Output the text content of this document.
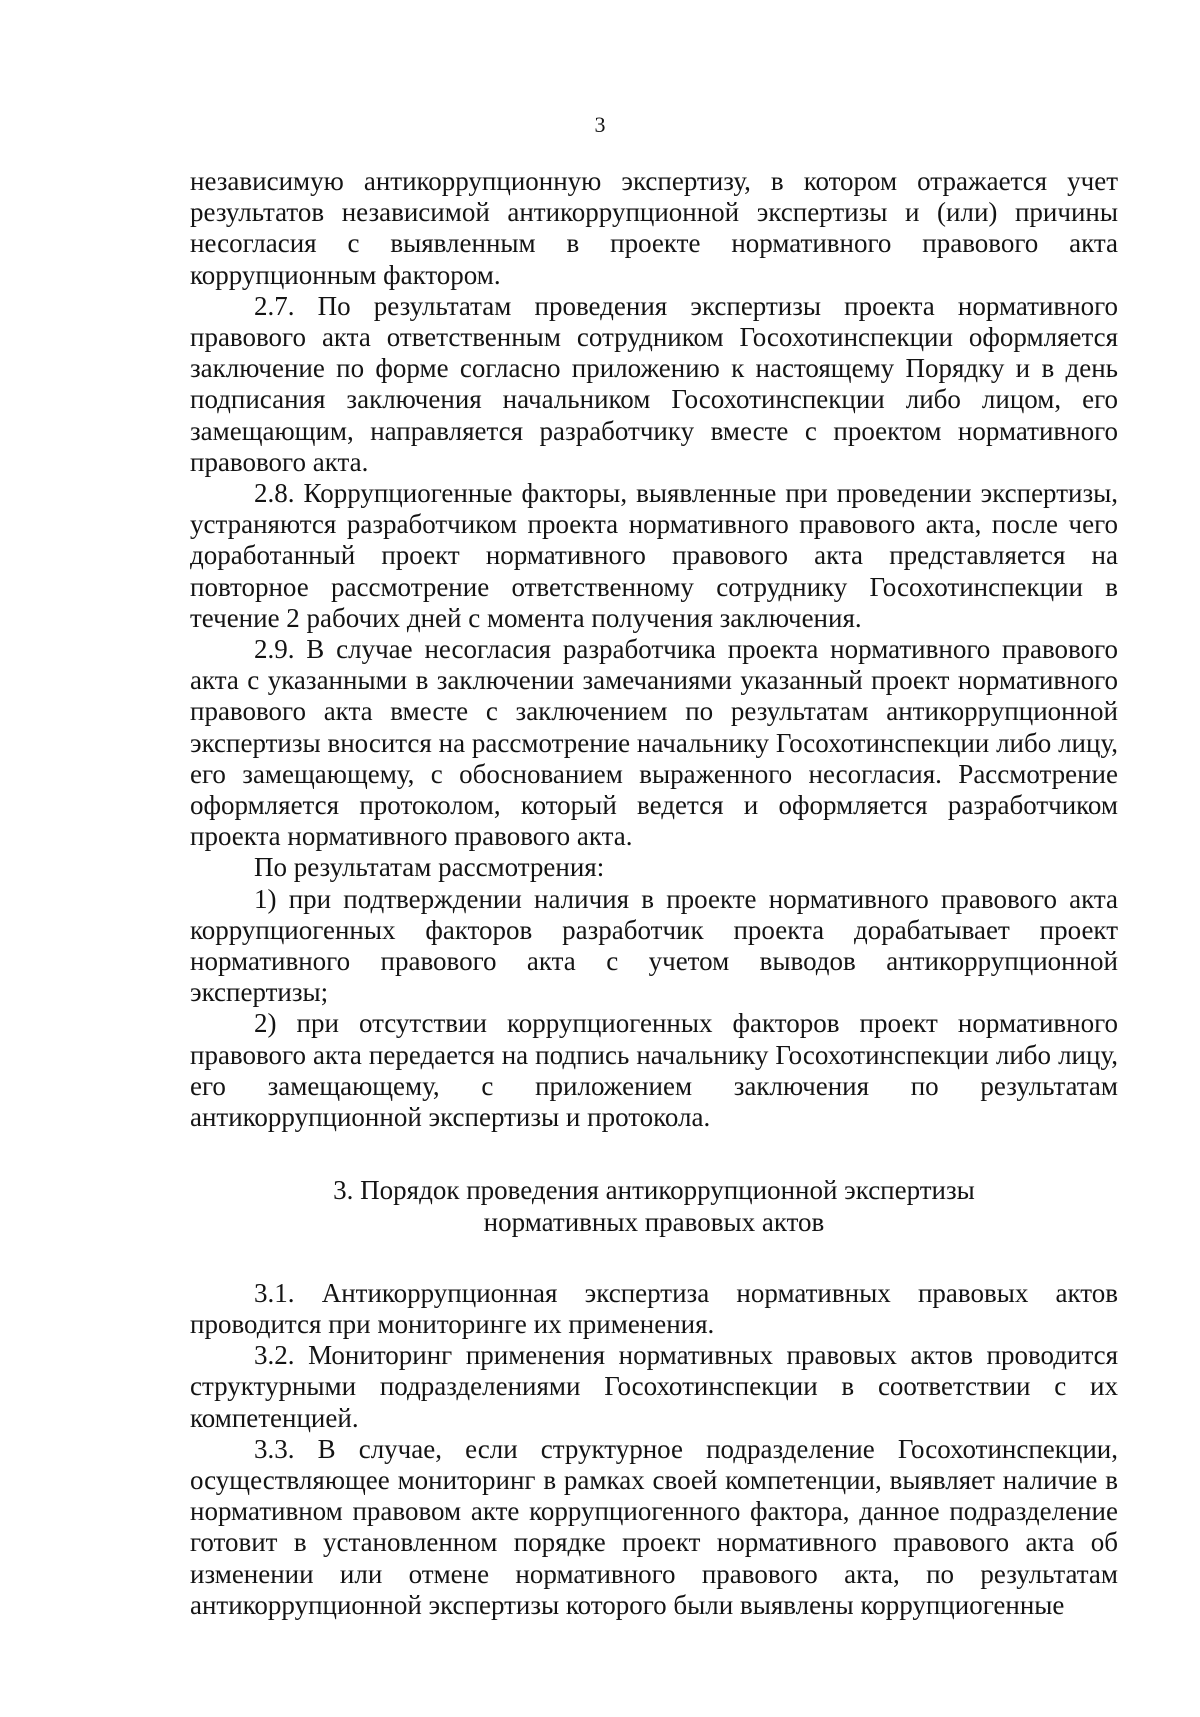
3

независимую антикоррупционную экспертизу, в котором отражается учет результатов независимой антикоррупционной экспертизы и (или) причины несогласия с выявленным в проекте нормативного правового акта коррупционным фактором.

2.7. По результатам проведения экспертизы проекта нормативного правового акта ответственным сотрудником Госохотинспекции оформляется заключение по форме согласно приложению к настоящему Порядку и в день подписания заключения начальником Госохотинспекции либо лицом, его замещающим, направляется разработчику вместе с проектом нормативного правового акта.

2.8. Коррупциогенные факторы, выявленные при проведении экспертизы, устраняются разработчиком проекта нормативного правового акта, после чего доработанный проект нормативного правового акта представляется на повторное рассмотрение ответственному сотруднику Госохотинспекции в течение 2 рабочих дней с момента получения заключения.

2.9. В случае несогласия разработчика проекта нормативного правового акта с указанными в заключении замечаниями указанный проект нормативного правового акта вместе с заключением по результатам антикоррупционной экспертизы вносится на рассмотрение начальнику Госохотинспекции либо лицу, его замещающему, с обоснованием выраженного несогласия. Рассмотрение оформляется протоколом, который ведется и оформляется разработчиком проекта нормативного правового акта.

По результатам рассмотрения:

1) при подтверждении наличия в проекте нормативного правового акта коррупциогенных факторов разработчик проекта дорабатывает проект нормативного правового акта с учетом выводов антикоррупционной экспертизы;

2) при отсутствии коррупциогенных факторов проект нормативного правового акта передается на подпись начальнику Госохотинспекции либо лицу, его замещающему, с приложением заключения по результатам антикоррупционной экспертизы и протокола.

3. Порядок проведения антикоррупционной экспертизы
нормативных правовых актов

3.1. Антикоррупционная экспертиза нормативных правовых актов проводится при мониторинге их применения.

3.2. Мониторинг применения нормативных правовых актов проводится структурными подразделениями Госохотинспекции в соответствии с их компетенцией.

3.3. В случае, если структурное подразделение Госохотинспекции, осуществляющее мониторинг в рамках своей компетенции, выявляет наличие в нормативном правовом акте коррупциогенного фактора, данное подразделение готовит в установленном порядке проект нормативного правового акта об изменении или отмене нормативного правового акта, по результатам антикоррупционной экспертизы которого были выявлены коррупциогенные
